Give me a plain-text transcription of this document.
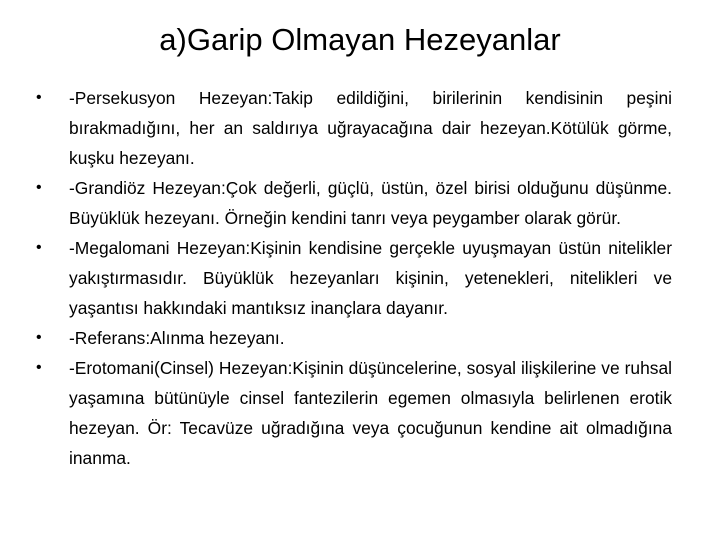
a)Garip Olmayan Hezeyanlar
•	-Persekusyon Hezeyan:Takip edildiğini, birilerinin kendisinin peşini bırakmadığını, her an saldırıya uğrayacağına dair hezeyan.Kötülük görme, kuşku hezeyanı.
•	-Grandiöz Hezeyan:Çok değerli, güçlü, üstün, özel birisi olduğunu düşünme. Büyüklük hezeyanı. Örneğin kendini tanrı veya peygamber olarak görür.
•	-Megalomani Hezeyan:Kişinin kendisine gerçekle uyuşmayan üstün nitelikler yakıştırmasıdır. Büyüklük hezeyanları kişinin, yetenekleri, nitelikleri ve yaşantısı hakkındaki mantıksız inançlara dayanır.
•	-Referans:Alınma hezeyanı.
•	-Erotomani(Cinsel) Hezeyan:Kişinin düşüncelerine, sosyal ilişkilerine ve ruhsal yaşamına bütünüyle cinsel fantezilerin egemen olmasıyla belirlenen erotik hezeyan. Ör: Tecavüze uğradığına veya çocuğunun kendine ait olmadığına inanma.
